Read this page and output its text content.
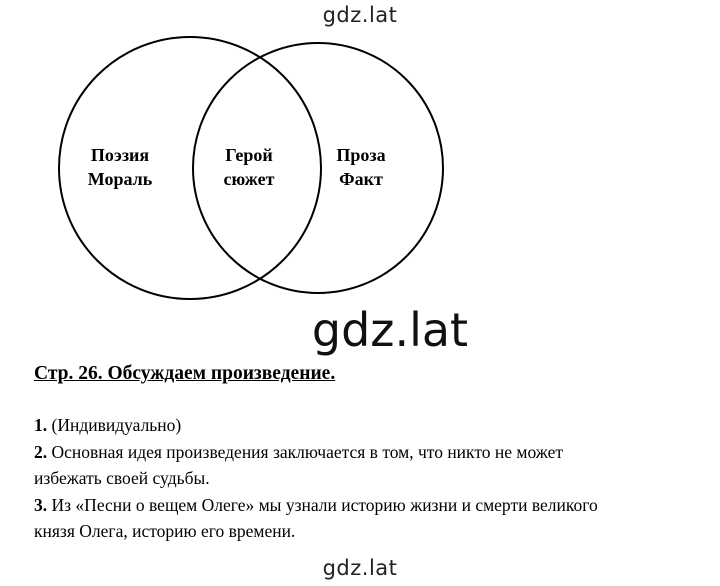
gdz.lat
Поэзия
Мораль
Герой
сюжет
Проза
Факт
gdz.lat
Стр. 26. Обсуждаем произведение.
1. (Индивидуально)
2. Основная идея произведения заключается в том, что никто не может
избежать своей судьбы.
3. Из «Песни о вещем Олеге» мы узнали историю жизни и смерти великого
князя Олега, историю его времени.
gdz.lat
